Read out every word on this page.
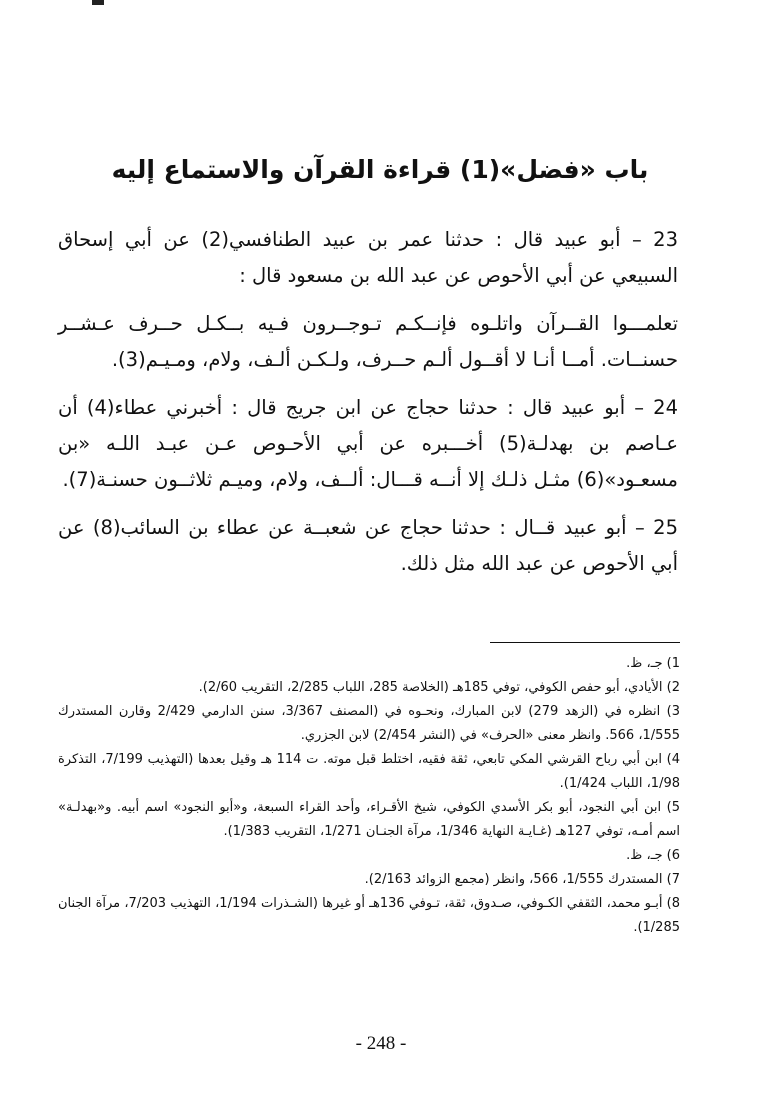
باب «فضل»(1) قراءة القرآن والاستماع إليه

23 – أبو عبيد قال : حدثنا عمر بن عبيد الطنافسي(2) عن أبي إسحاق السبيعي عن أبي الأحوص عن عبد الله بن مسعود قال :

تعلمـــوا القــرآن واتلـوه فإنــكـم تـوجــرون فـيه بــكـل حــرف عـشــر حسنــات. أمــا أنـا لا أقــول ألـم حــرف، ولـكـن ألـف، ولام، ومـيـم(3).

24 – أبو عبيد قال : حدثنا حجاج عن ابن جريج قال : أخبرني عطاء(4) أن عـاصم بن بهدلـة(5) أخـــبره عن أبي الأحـوص عـن عبـد اللـه «بن مسعـود»(6) مثـل ذلـك إلا أنــه قـــال: ألــف، ولام، وميـم ثلاثــون حسنـة(7).

25 – أبو عبيد قــال : حدثنا حجاج عن شعبــة عن عطاء بن السائب(8) عن أبي الأحوص عن عبد الله مثل ذلك.

1) جـ، ظ.
2) الأيادي، أبو حفص الكوفي، توفي 185هـ (الخلاصة 285، اللباب 2/285، التقريب 2/60).
3) انظره في (الزهد 279) لابن المبارك، ونحـوه في (المصنف 3/367، سنن الدارمي 2/429 وقارن المستدرك 1/555، 566. وانظر معنى «الحرف» في (النشر 2/454) لابن الجزري.
4) ابن أبي رباح القرشي المكي تابعي، ثقة فقيه، اختلط قبل موته. ت 114 هـ وقيل بعدها (التهذيب 7/199، التذكرة 1/98، اللباب 1/424).
5) ابن أبي النجود، أبو بكر الأسدي الكوفي، شيخ الأقـراء، وأحد القراء السبعة، و«أبو النجود» اسم أبيه. و«بهدلـة» اسم أمـه، توفي 127هـ (غـايـة النهاية 1/346، مرآة الجنـان 1/271، التقريب 1/383).
6) جـ، ظ.
7) المستدرك 1/555، 566، وانظر (مجمع الزوائد 2/163).
8) أبـو محمد، الثقفي الكـوفي، صـدوق، ثقة، تـوفي 136هـ أو غيرها (الشـذرات 1/194، التهذيب 7/203، مرآة الجنان 1/285).
- 248 -
